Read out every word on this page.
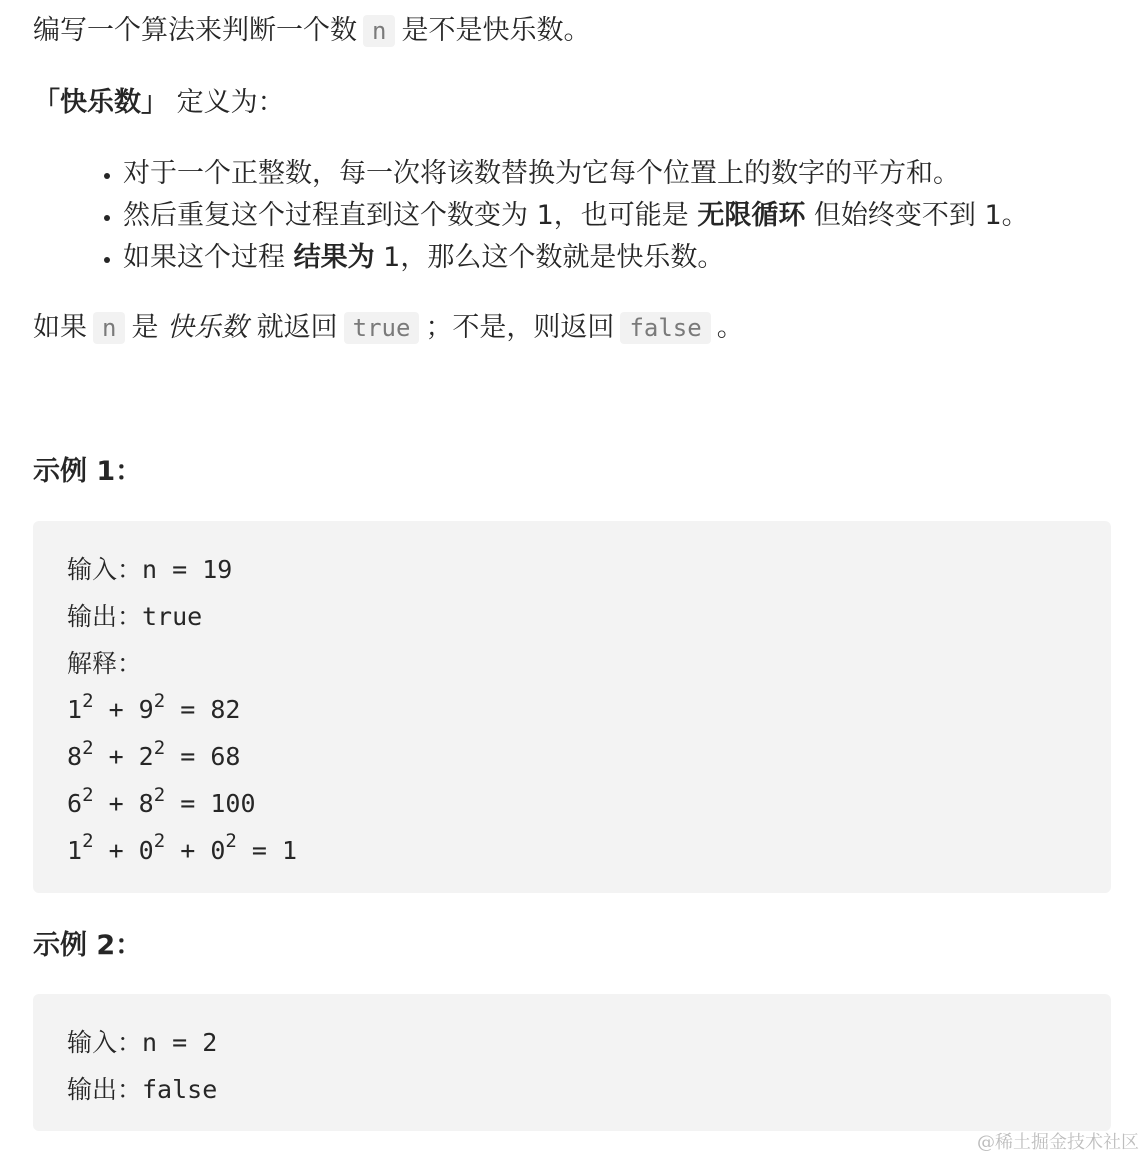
编写一个算法来判断一个数 n 是不是快乐数。

「快乐数」 定义为：

• 对于一个正整数，每一次将该数替换为它每个位置上的数字的平方和。
• 然后重复这个过程直到这个数变为 1，也可能是 无限循环 但始终变不到 1。
• 如果这个过程 结果为 1，那么这个数就是快乐数。

如果 n 是 快乐数 就返回 true ；不是，则返回 false 。

示例 1：
输入：n = 19
输出：true
解释：
$1^2 + 9^2 = 82$
$8^2 + 2^2 = 68$
$6^2 + 8^2 = 100$
$1^2 + 0^2 + 0^2 = 1$
示例 2：
输入：n = 2
输出：false
@稀土掘金技术社区
